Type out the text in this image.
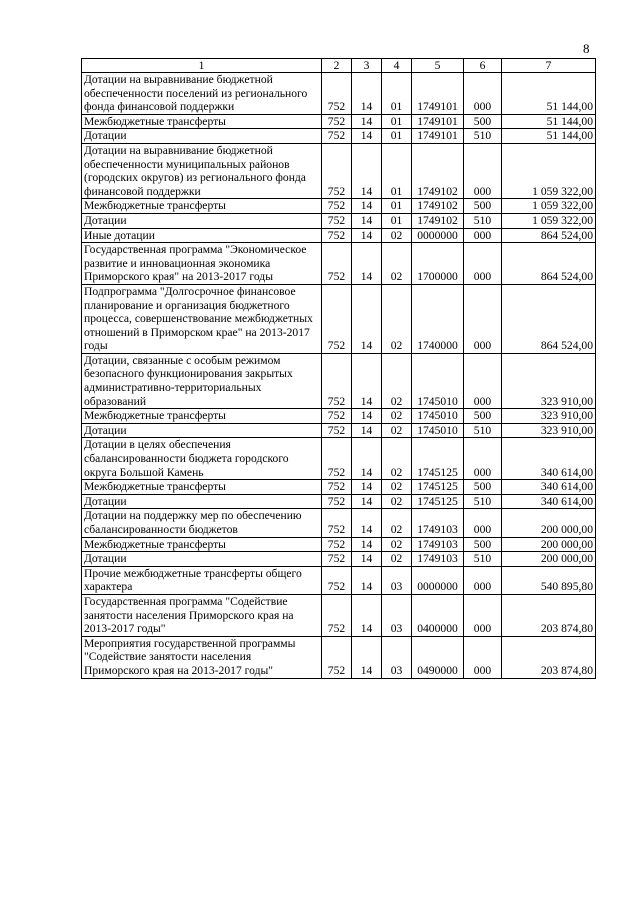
8
1	2	3	4	5	6	7
Дотации на выравнивание бюджетной обеспеченности поселений из регионального фонда финансовой поддержки	752	14	01	1749101	000	51 144,00
Межбюджетные трансферты	752	14	01	1749101	500	51 144,00
Дотации	752	14	01	1749101	510	51 144,00
Дотации на выравнивание бюджетной обеспеченности муниципальных районов (городских округов) из регионального фонда финансовой поддержки	752	14	01	1749102	000	1 059 322,00
Межбюджетные трансферты	752	14	01	1749102	500	1 059 322,00
Дотации	752	14	01	1749102	510	1 059 322,00
Иные дотации	752	14	02	0000000	000	864 524,00
Государственная программа "Экономическое развитие и инновационная экономика Приморского края" на 2013-2017 годы	752	14	02	1700000	000	864 524,00
Подпрограмма "Долгосрочное финансовое планирование и организация бюджетного процесса, совершенствование межбюджетных отношений в Приморском крае" на 2013-2017 годы	752	14	02	1740000	000	864 524,00
Дотации, связанные с особым режимом безопасного функционирования закрытых административно-территориальных образований	752	14	02	1745010	000	323 910,00
Межбюджетные трансферты	752	14	02	1745010	500	323 910,00
Дотации	752	14	02	1745010	510	323 910,00
Дотации в целях обеспечения сбалансированности бюджета городского округа Большой Камень	752	14	02	1745125	000	340 614,00
Межбюджетные трансферты	752	14	02	1745125	500	340 614,00
Дотации	752	14	02	1745125	510	340 614,00
Дотации на поддержку мер по обеспечению сбалансированности бюджетов	752	14	02	1749103	000	200 000,00
Межбюджетные трансферты	752	14	02	1749103	500	200 000,00
Дотации	752	14	02	1749103	510	200 000,00
Прочие межбюджетные трансферты общего характера	752	14	03	0000000	000	540 895,80
Государственная программа "Содействие занятости населения Приморского края на 2013-2017 годы"	752	14	03	0400000	000	203 874,80
Мероприятия государственной программы "Содействие занятости населения Приморского края на 2013-2017 годы"	752	14	03	0490000	000	203 874,80
